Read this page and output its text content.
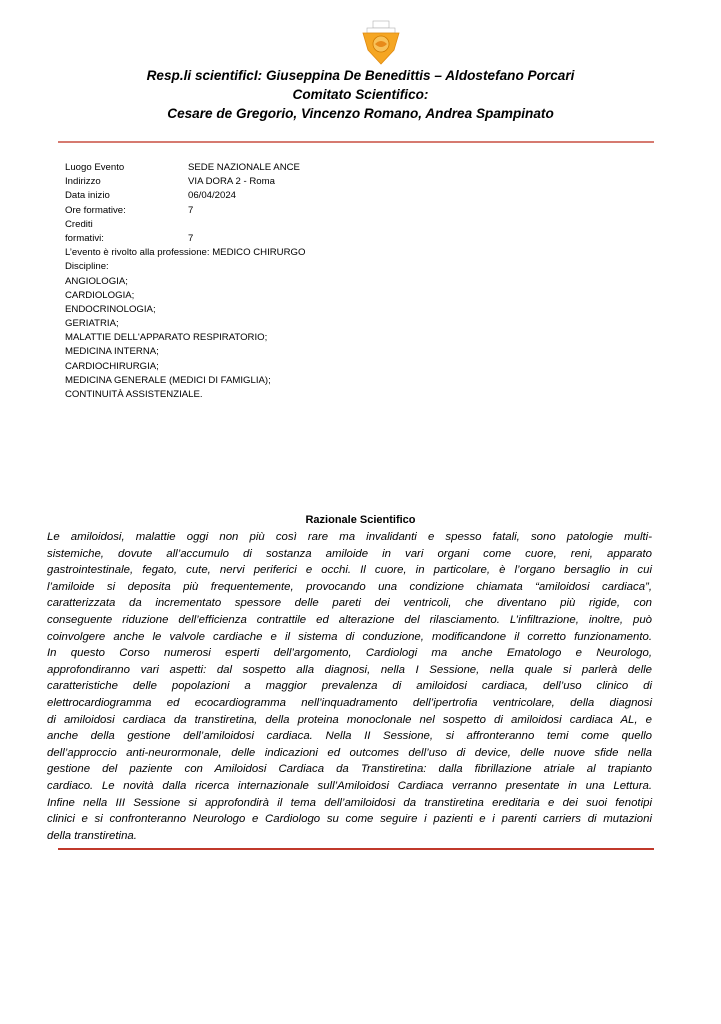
Resp.li scientificI: Giuseppina De Benedittis – Aldostefano Porcari
Comitato Scientifico:
Cesare de Gregorio, Vincenzo Romano, Andrea Spampinato
Luogo Evento	SEDE NAZIONALE ANCE
Indirizzo	VIA DORA 2 - Roma
Data inizio	06/04/2024
Ore formative:	7
Crediti
formativi:	7
L’evento è rivolto alla professione: MEDICO CHIRURGO
Discipline:
ANGIOLOGIA;
CARDIOLOGIA;
ENDOCRINOLOGIA;
GERIATRIA;
MALATTIE DELL'APPARATO RESPIRATORIO;
MEDICINA INTERNA;
CARDIOCHIRURGIA;
MEDICINA GENERALE (MEDICI DI FAMIGLIA);
CONTINUITÀ ASSISTENZIALE.
Razionale Scientifico
Le amiloidosi, malattie oggi non più così rare ma invalidanti e spesso fatali, sono patologie multi-
sistemiche, dovute all’accumulo di sostanza amiloide in vari organi come cuore, reni, apparato
gastrointestinale, fegato, cute, nervi periferici e occhi. Il cuore, in particolare, è l’organo bersaglio in cui
l’amiloide si deposita più frequentemente, provocando una condizione chiamata “amiloidosi cardiaca”,
caratterizzata da incrementato spessore delle pareti dei ventricoli, che diventano più rigide, con
conseguente riduzione dell’efficienza contrattile ed alterazione del rilasciamento. L’infiltrazione, inoltre, può
coinvolgere anche le valvole cardiache e il sistema di conduzione, modificandone il corretto funzionamento.
In questo Corso numerosi esperti dell’argomento, Cardiologi ma anche Ematologo e Neurologo,
approfondiranno vari aspetti: dal sospetto alla diagnosi, nella I Sessione, nella quale si parlerà delle
caratteristiche delle popolazioni a maggior prevalenza di amiloidosi cardiaca, dell’uso clinico di
elettrocardiogramma ed ecocardiogramma nell’inquadramento dell’ipertrofia ventricolare, della diagnosi
di amiloidosi cardiaca da transtiretina, della proteina monoclonale nel sospetto di amiloidosi cardiaca AL, e
anche della gestione dell’amiloidosi cardiaca. Nella II Sessione, si affronteranno temi come quello
dell’approccio anti-neurormonale, delle indicazioni ed outcomes dell’uso di device, delle nuove sfide nella
gestione del paziente con Amiloidosi Cardiaca da Transtiretina: dalla fibrillazione atriale al trapianto
cardiaco. Le novità dalla ricerca internazionale sull’Amiloidosi Cardiaca verranno presentate in una Lettura.
Infine nella III Sessione si approfondirà il tema dell’amiloidosi da transtiretina ereditaria e dei suoi fenotipi
clinici e si confronteranno Neurologo e Cardiologo su come seguire i pazienti e i parenti carriers di mutazioni
della transtiretina.
